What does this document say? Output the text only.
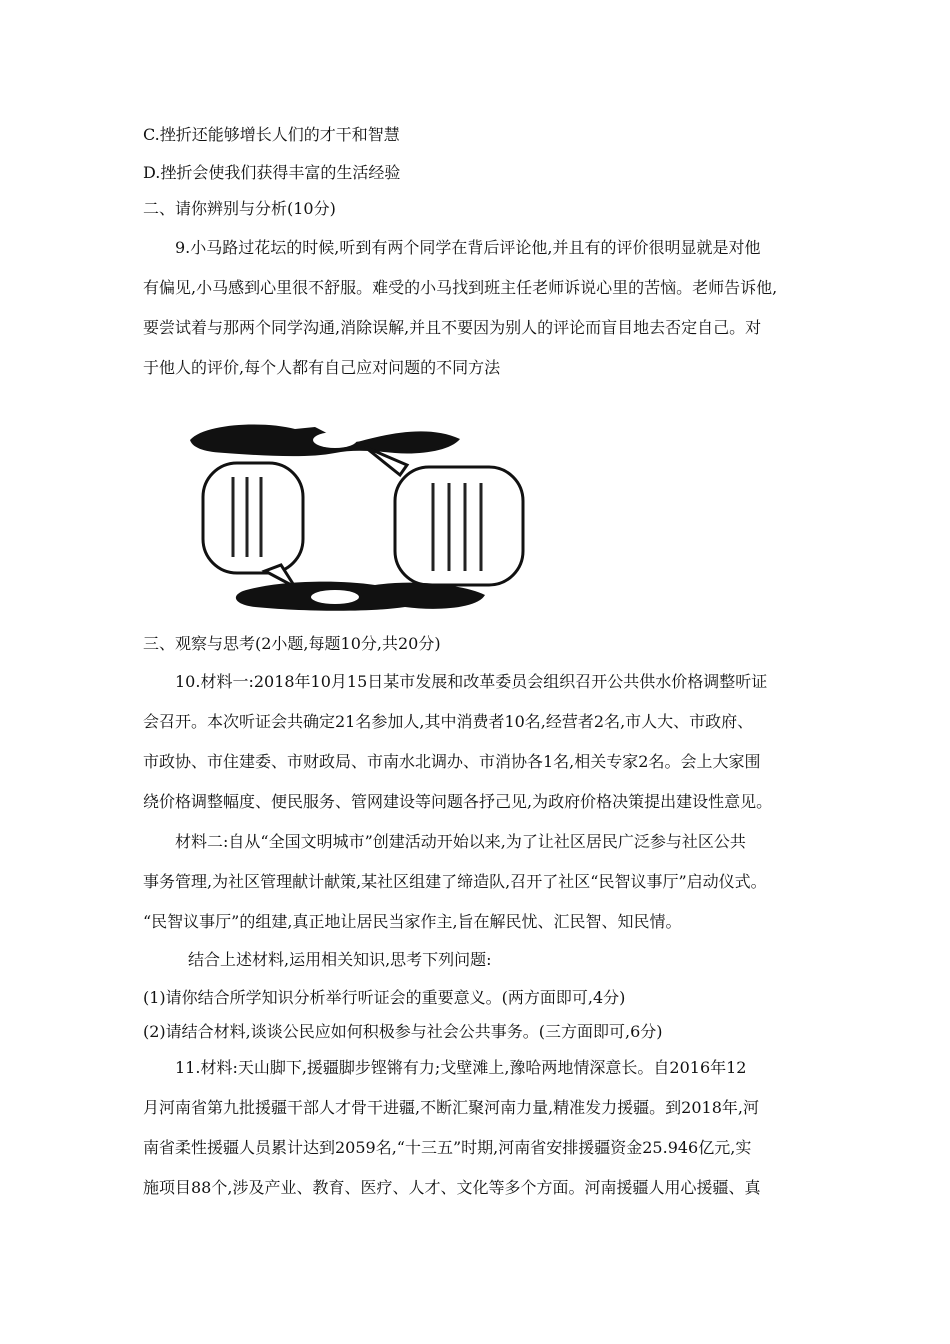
C.挫折还能够增长人们的才干和智慧
D.挫折会使我们获得丰富的生活经验
二、请你辨别与分析(10分)
9.小马路过花坛的时候,听到有两个同学在背后评论他,并且有的评价很明显就是对他
有偏见,小马感到心里很不舒服。难受的小马找到班主任老师诉说心里的苦恼。老师告诉他,
要尝试着与那两个同学沟通,消除误解,并且不要因为别人的评论而盲目地去否定自己。对
于他人的评价,每个人都有自己应对问题的不同方法
三、观察与思考(2小题,每题10分,共20分)
10.材料一:2018年10月15日某市发展和改革委员会组织召开公共供水价格调整听证
会召开。本次听证会共确定21名参加人,其中消费者10名,经营者2名,市人大、市政府、
市政协、市住建委、市财政局、市南水北调办、市消协各1名,相关专家2名。会上大家围
绕价格调整幅度、便民服务、管网建设等问题各抒己见,为政府价格决策提出建设性意见。
材料二:自从“全国文明城市”创建活动开始以来,为了让社区居民广泛参与社区公共
事务管理,为社区管理献计献策,某社区组建了缔造队,召开了社区“民智议事厅”启动仪式。
“民智议事厅”的组建,真正地让居民当家作主,旨在解民忧、汇民智、知民情。
结合上述材料,运用相关知识,思考下列问题:
(1)请你结合所学知识分析举行听证会的重要意义。(两方面即可,4分)
(2)请结合材料,谈谈公民应如何积极参与社会公共事务。(三方面即可,6分)
11.材料:天山脚下,援疆脚步铿锵有力;戈壁滩上,豫哈两地情深意长。自2016年12
月河南省第九批援疆干部人才骨干进疆,不断汇聚河南力量,精准发力援疆。到2018年,河
南省柔性援疆人员累计达到2059名,“十三五”时期,河南省安排援疆资金25.946亿元,实
施项目88个,涉及产业、教育、医疗、人才、文化等多个方面。河南援疆人用心援疆、真
